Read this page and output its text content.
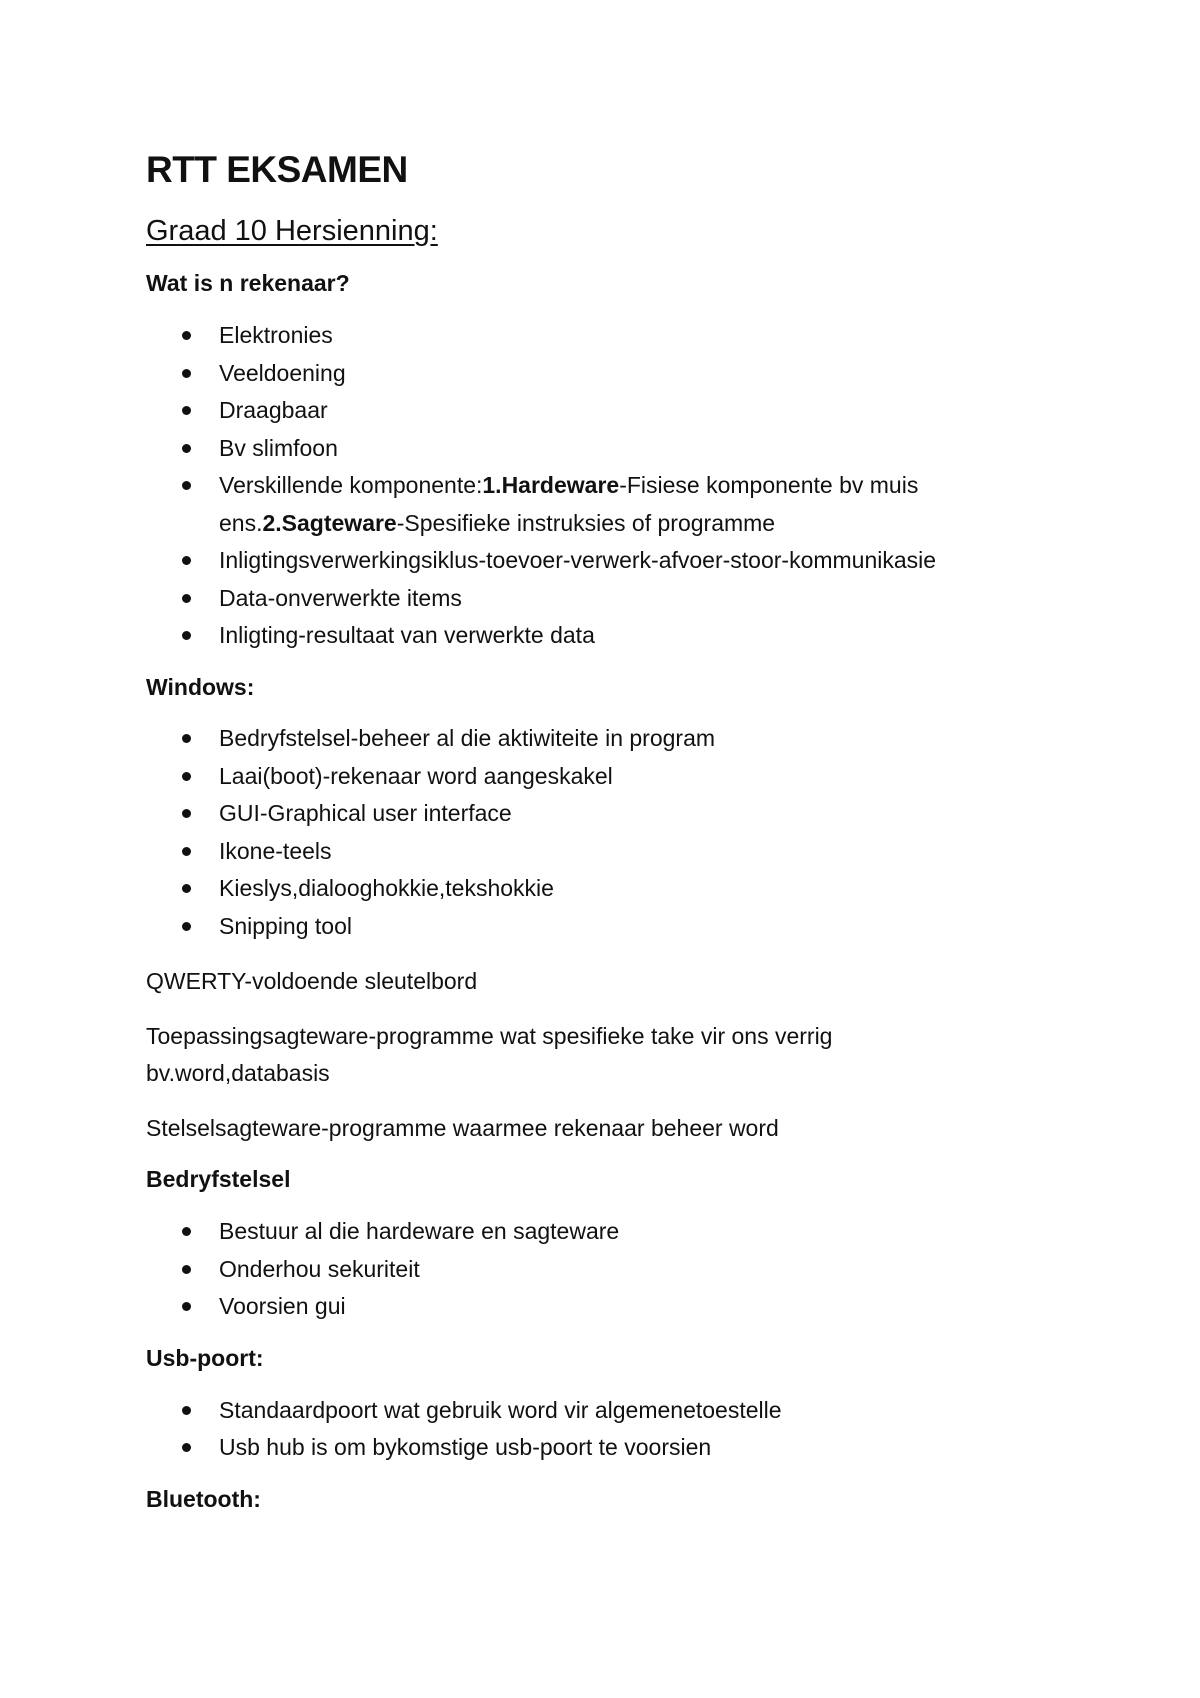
RTT EKSAMEN
Graad 10 Hersienning:
Wat is n rekenaar?
Elektronies
Veeldoening
Draagbaar
Bv slimfoon
Verskillende komponente:1.Hardeware-Fisiese komponente bv muis ens.2.Sagteware-Spesifieke instruksies of programme
Inligtingsverwerkingsiklus-toevoer-verwerk-afvoer-stoor-kommunikasie
Data-onverwerkte items
Inligting-resultaat van verwerkte data
Windows:
Bedryfstelsel-beheer al die aktiwiteite in program
Laai(boot)-rekenaar word aangeskakel
GUI-Graphical user interface
Ikone-teels
Kieslys,dialooghokkie,tekshokkie
Snipping tool
QWERTY-voldoende sleutelbord
Toepassingsagteware-programme wat spesifieke take vir ons verrig bv.word,databasis
Stelselsagteware-programme waarmee rekenaar beheer word
Bedryfstelsel
Bestuur al die hardeware en sagteware
Onderhou sekuriteit
Voorsien gui
Usb-poort:
Standaardpoort wat gebruik word vir algemenetoestelle
Usb hub is om bykomstige usb-poort te voorsien
Bluetooth:
